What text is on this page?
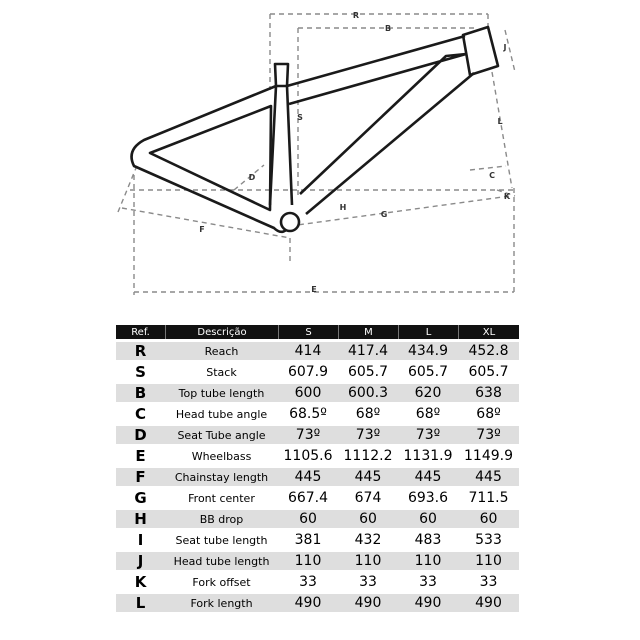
R
B
J
S	L
C
K
D
H
G
F
E
Ref.	Descrição	S	M	L	XL
R	Reach	414	417.4	434.9	452.8
S	Stack	607.9	605.7	605.7	605.7
B	Top tube length	600	600.3	620	638
C	Head tube angle	68.5º	68º	68º	68º
D	Seat Tube angle	73º	73º	73º	73º
E	Wheelbass	1105.6	1112.2	1131.9	1149.9
F	Chainstay length	445	445	445	445
G	Front center	667.4	674	693.6	711.5
H	BB drop	60	60	60	60
I	Seat tube length	381	432	483	533
J	Head tube length	110	110	110	110
K	Fork offset	33	33	33	33
L	Fork length	490	490	490	490
